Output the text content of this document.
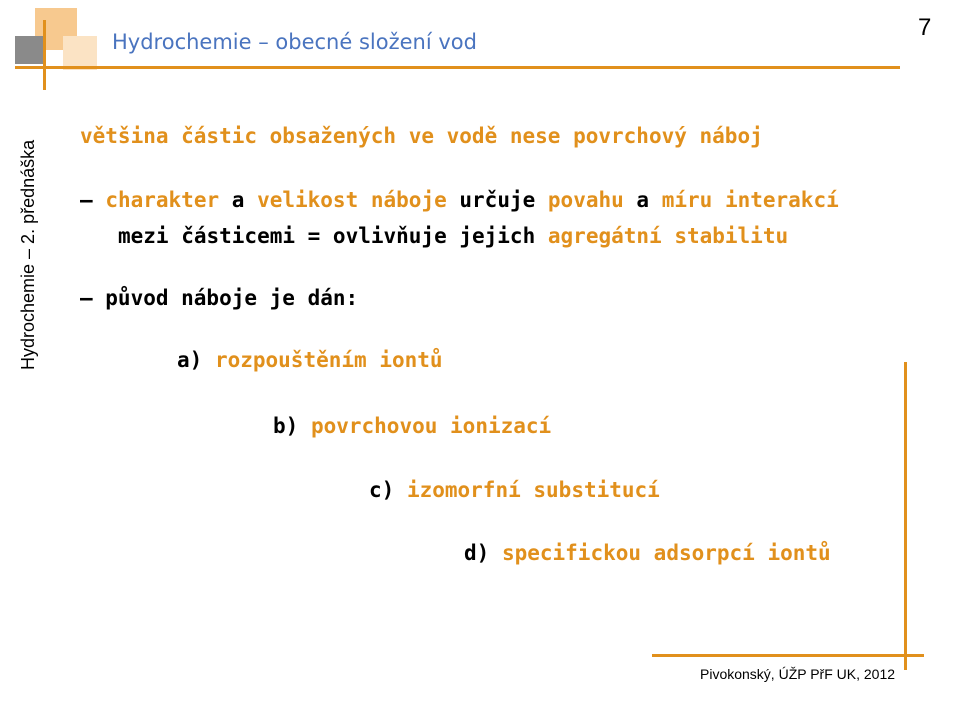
Hydrochemie – obecné složení vod
7
Hydrochemie – 2. přednáška
většina částic obsažených ve vodě nese povrchový náboj
– charakter a velikost náboje určuje povahu a míru interakcí
mezi částicemi = ovlivňuje jejich agregátní stabilitu
– původ náboje je dán:
a) rozpouštěním iontů
b) povrchovou ionizací
c) izomorfní substitucí
d) specifickou adsorpcí iontů
Pivokonský, ÚŽP PřF UK, 2012
